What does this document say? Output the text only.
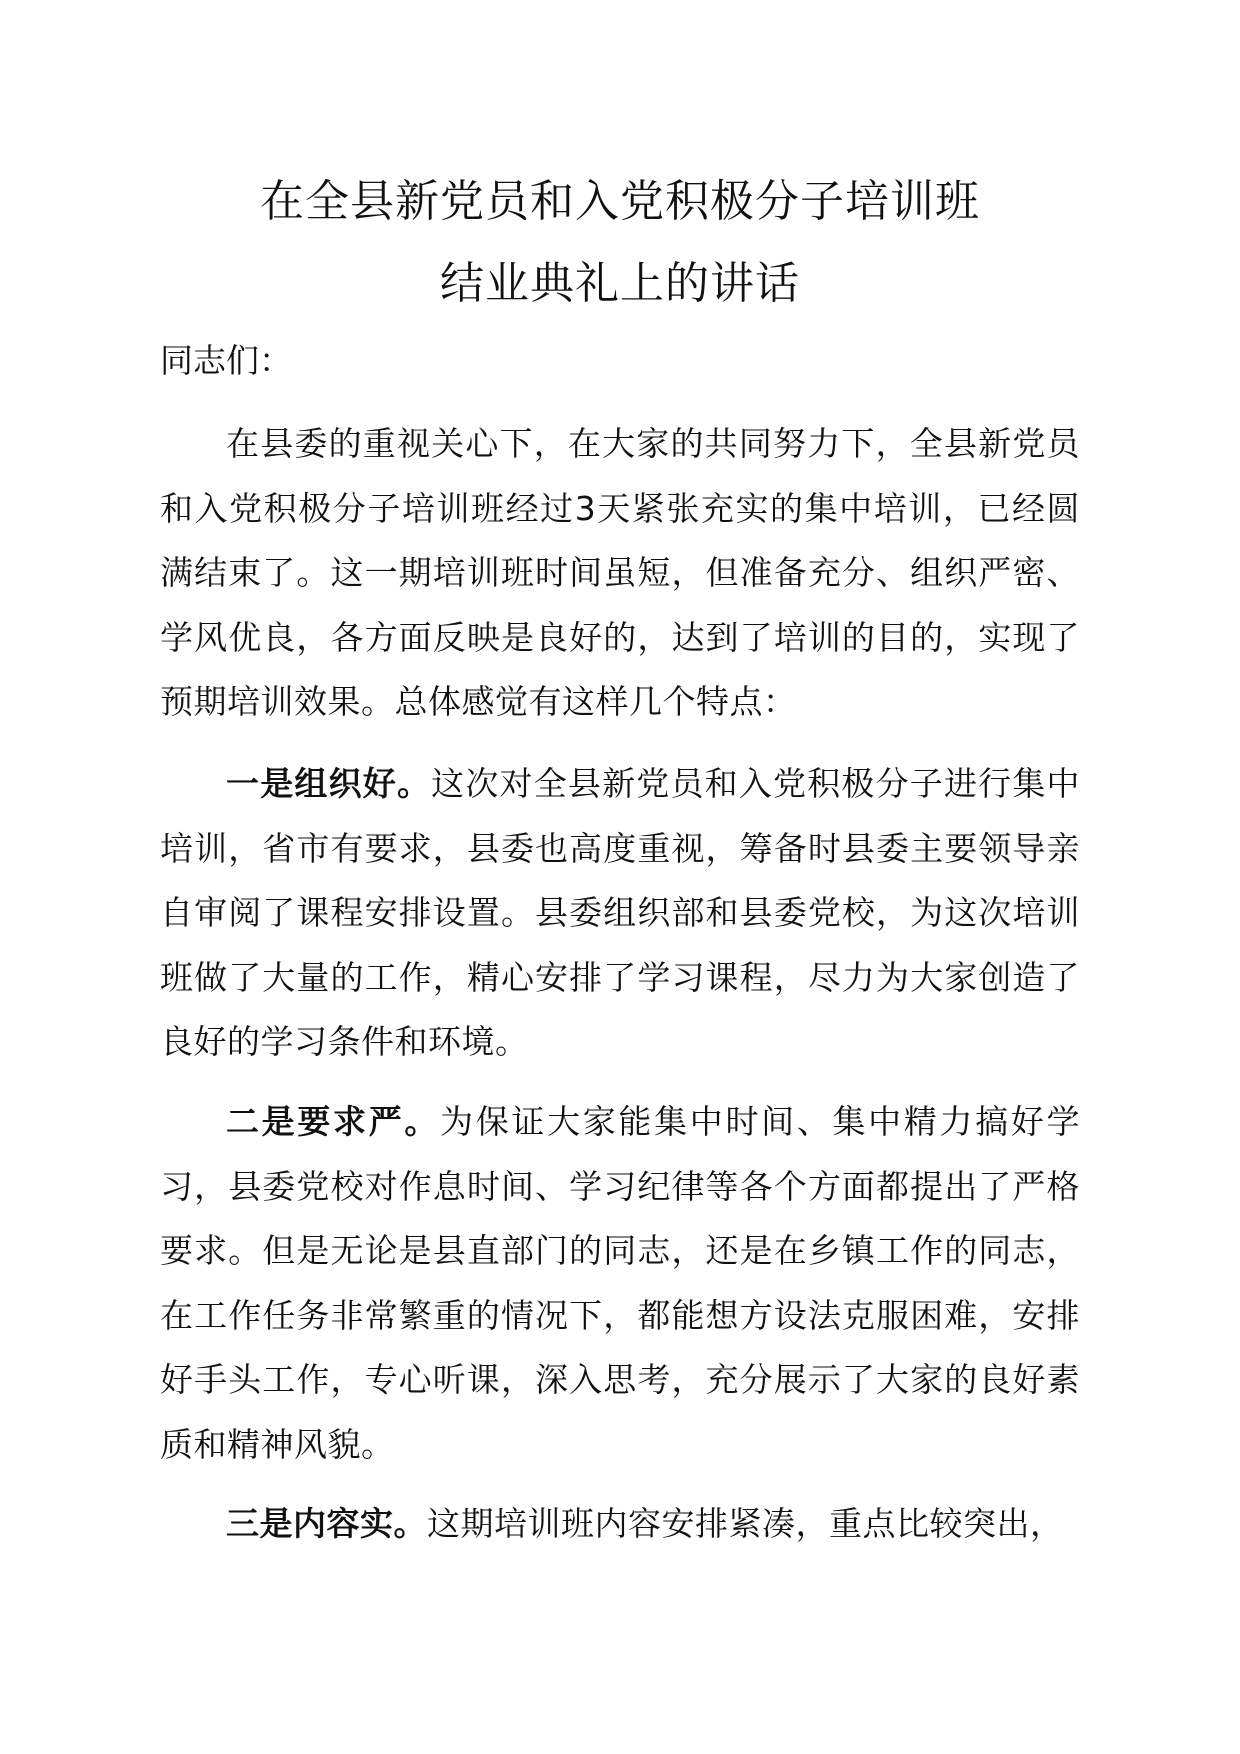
在全县新党员和入党积极分子培训班
结业典礼上的讲话
同志们：

在县委的重视关心下，在大家的共同努力下，全县新党员和入党积极分子培训班经过3天紧张充实的集中培训，已经圆满结束了。这一期培训班时间虽短，但准备充分、组织严密、学风优良，各方面反映是良好的，达到了培训的目的，实现了预期培训效果。总体感觉有这样几个特点：

一是组织好。这次对全县新党员和入党积极分子进行集中培训，省市有要求，县委也高度重视，筹备时县委主要领导亲自审阅了课程安排设置。县委组织部和县委党校，为这次培训班做了大量的工作，精心安排了学习课程，尽力为大家创造了良好的学习条件和环境。

二是要求严。为保证大家能集中时间、集中精力搞好学习，县委党校对作息时间、学习纪律等各个方面都提出了严格要求。但是无论是县直部门的同志，还是在乡镇工作的同志，在工作任务非常繁重的情况下，都能想方设法克服困难，安排好手头工作，专心听课，深入思考，充分展示了大家的良好素质和精神风貌。

三是内容实。这期培训班内容安排紧凑，重点比较突出，
